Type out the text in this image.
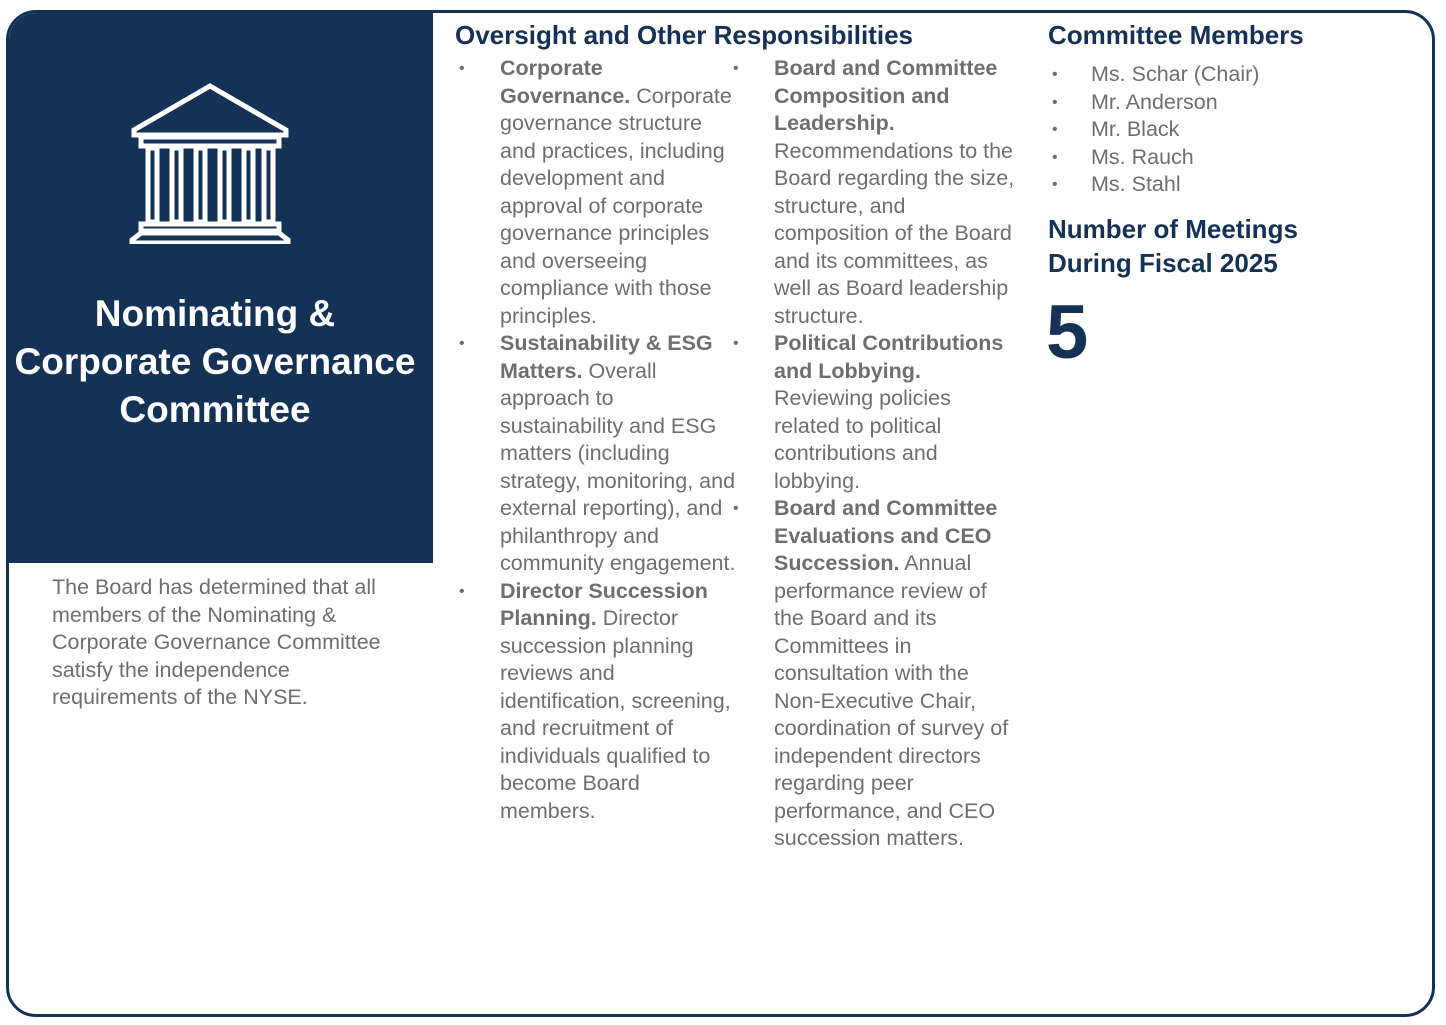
Nominating & Corporate Governance Committee

The Board has determined that all members of the Nominating & Corporate Governance Committee satisfy the independence requirements of the NYSE.

Oversight and Other Responsibilities
• Corporate Governance. Corporate governance structure and practices, including development and approval of corporate governance principles and overseeing compliance with those principles.
• Sustainability & ESG Matters. Overall approach to sustainability and ESG matters (including strategy, monitoring, and external reporting), and philanthropy and community engagement.
• Director Succession Planning. Director succession planning reviews and identification, screening, and recruitment of individuals qualified to become Board members.
• Board and Committee Composition and Leadership. Recommendations to the Board regarding the size, structure, and composition of the Board and its committees, as well as Board leadership structure.
• Political Contributions and Lobbying. Reviewing policies related to political contributions and lobbying.
• Board and Committee Evaluations and CEO Succession. Annual performance review of the Board and its Committees in consultation with the Non-Executive Chair, coordination of survey of independent directors regarding peer performance, and CEO succession matters.
Committee Members
• Ms. Schar (Chair)
• Mr. Anderson
• Mr. Black
• Ms. Rauch
• Ms. Stahl
Number of Meetings During Fiscal 2025
5
